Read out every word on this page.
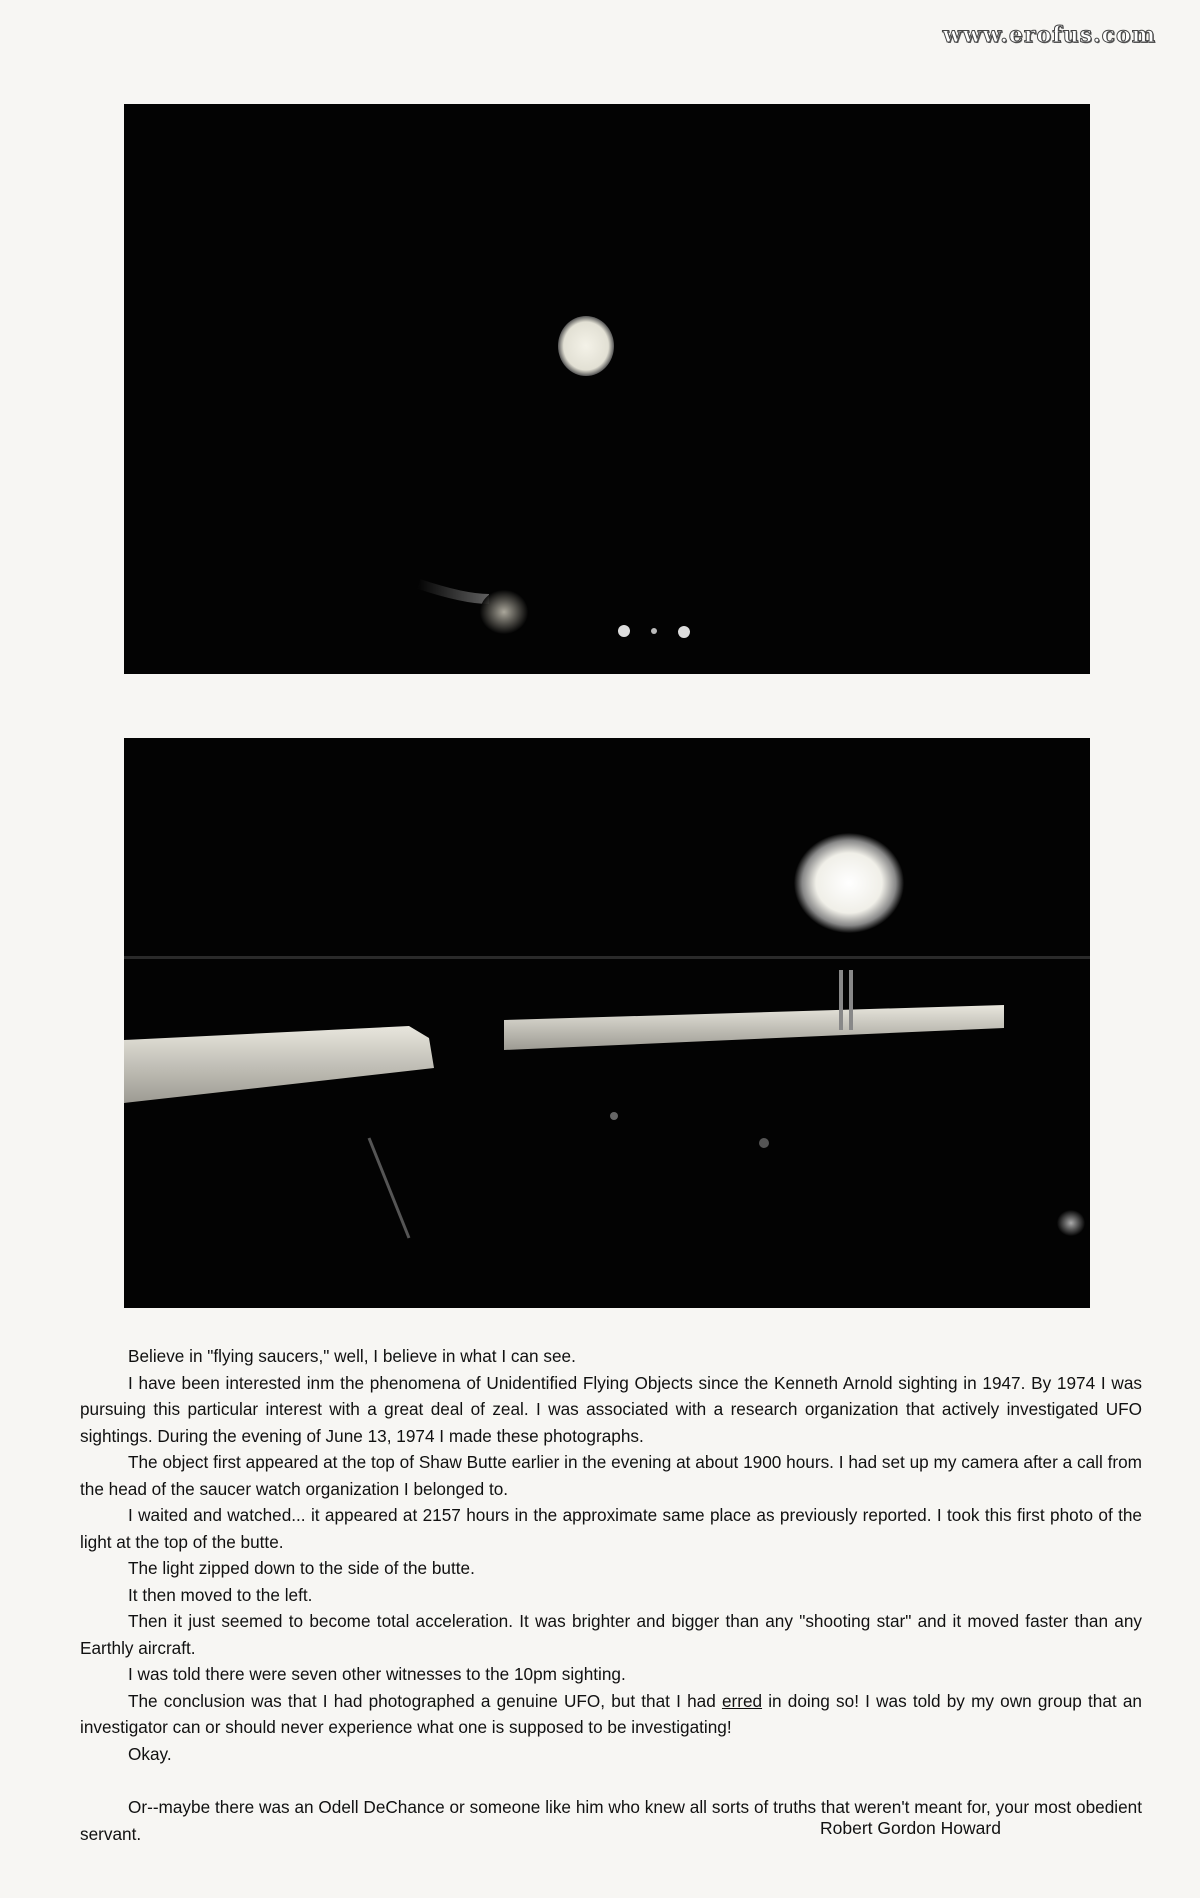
www.erofus.com

Believe in "flying saucers," well, I believe in what I can see.

I have been interested inm the phenomena of Unidentified Flying Objects since the Kenneth Arnold sighting in 1947. By 1974 I was pursuing this particular interest with a great deal of zeal. I was associated with a research organization that actively investigated UFO sightings. During the evening of June 13, 1974 I made these photographs.

The object first appeared at the top of Shaw Butte earlier in the evening at about 1900 hours. I had set up my camera after a call from the head of the saucer watch organization I belonged to.

I waited and watched... it appeared at 2157 hours in the approximate same place as previously reported. I took this first photo of the light at the top of the butte.

The light zipped down to the side of the butte.

It then moved to the left.

Then it just seemed to become total acceleration. It was brighter and bigger than any "shooting star" and it moved faster than any Earthly aircraft.

I was told there were seven other witnesses to the 10pm sighting.

The conclusion was that I had photographed a genuine UFO, but that I had erred in doing so! I was told by my own group that an investigator can or should never experience what one is supposed to be investigating!

Okay.

Or--maybe there was an Odell DeChance or someone like him who knew all sorts of truths that weren't meant for, your most obedient servant.	Robert Gordon Howard
